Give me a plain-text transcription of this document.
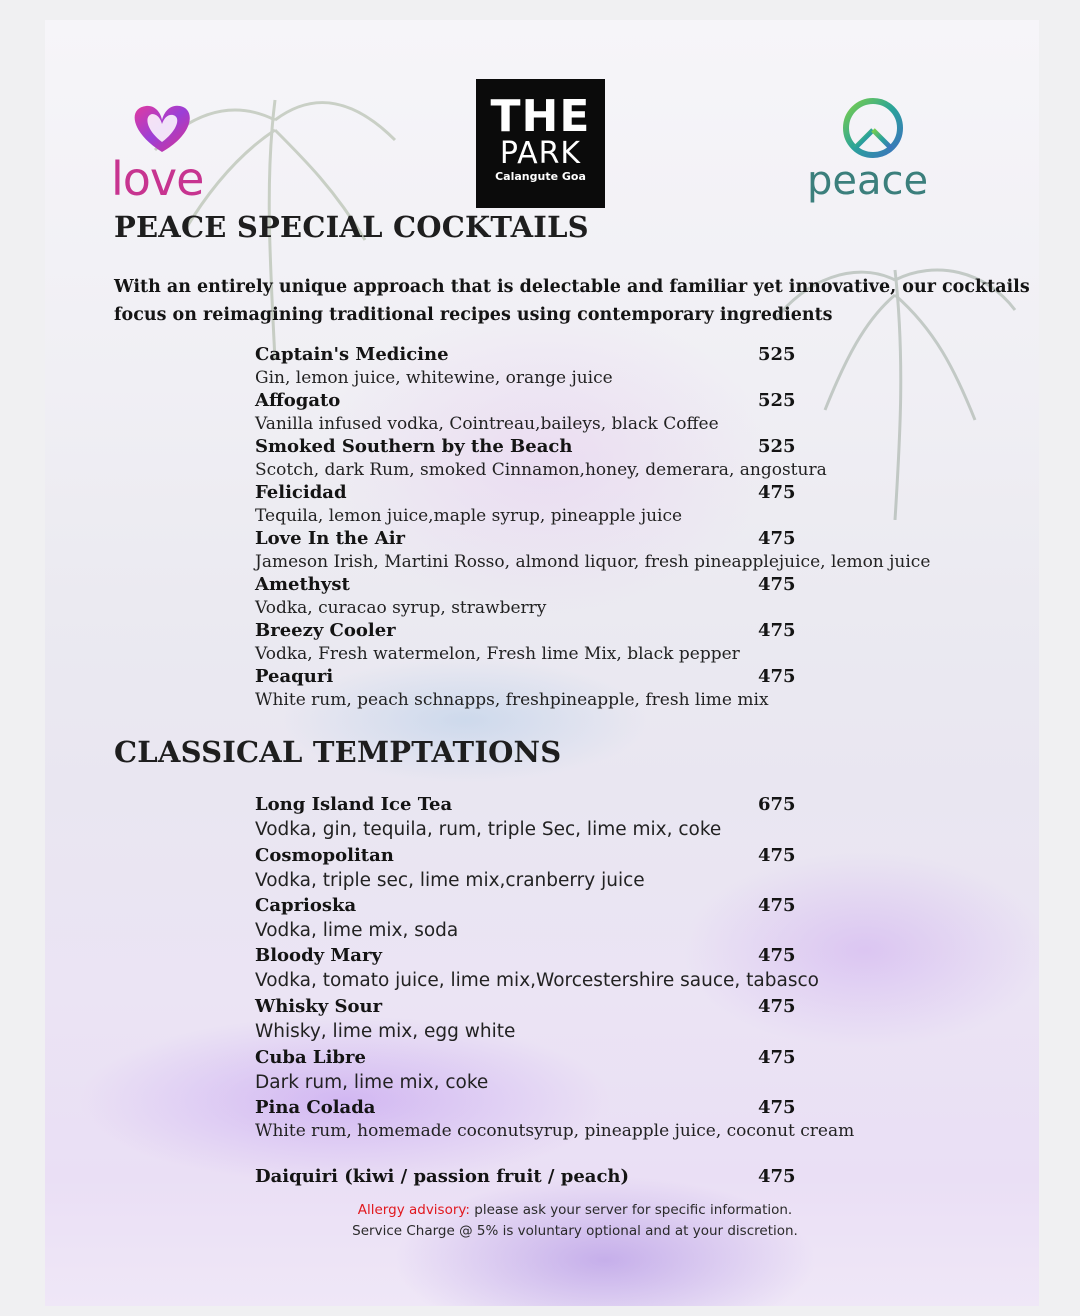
love
THE
PARK
Calangute Goa	peace
PEACE SPECIAL COCKTAILS
With an entirely unique approach that is delectable and familiar yet innovative, our cocktails focus on reimagining traditional recipes using contemporary ingredients
Captain's Medicine	525
Gin, lemon juice, whitewine, orange juice
Affogato	525
Vanilla infused vodka, Cointreau,baileys, black Coffee
Smoked Southern by the Beach	525
Scotch, dark Rum, smoked Cinnamon,honey, demerara, angostura
Felicidad	475
Tequila, lemon juice,maple syrup, pineapple juice
Love In the Air	475
Jameson Irish, Martini Rosso, almond liquor, fresh pineapplejuice, lemon juice
Amethyst	475
Vodka, curacao syrup, strawberry
Breezy Cooler	475
Vodka, Fresh watermelon, Fresh lime Mix, black pepper
Peaquri	475
White rum, peach schnapps, freshpineapple, fresh lime mix
CLASSICAL TEMPTATIONS
Long Island Ice Tea	675
Vodka, gin, tequila, rum, triple Sec, lime mix, coke
Cosmopolitan	475
Vodka, triple sec, lime mix,cranberry juice
Caprioska	475
Vodka, lime mix, soda
Bloody Mary	475
Vodka, tomato juice, lime mix,Worcestershire sauce, tabasco
Whisky Sour	475
Whisky, lime mix, egg white
Cuba Libre	475
Dark rum, lime mix, coke
Pina Colada	475
White rum, homemade coconutsyrup, pineapple juice, coconut cream
Daiquiri (kiwi / passion fruit / peach)	475
Allergy advisory: please ask your server for specific information.
Service Charge @ 5% is voluntary optional and at your discretion.
